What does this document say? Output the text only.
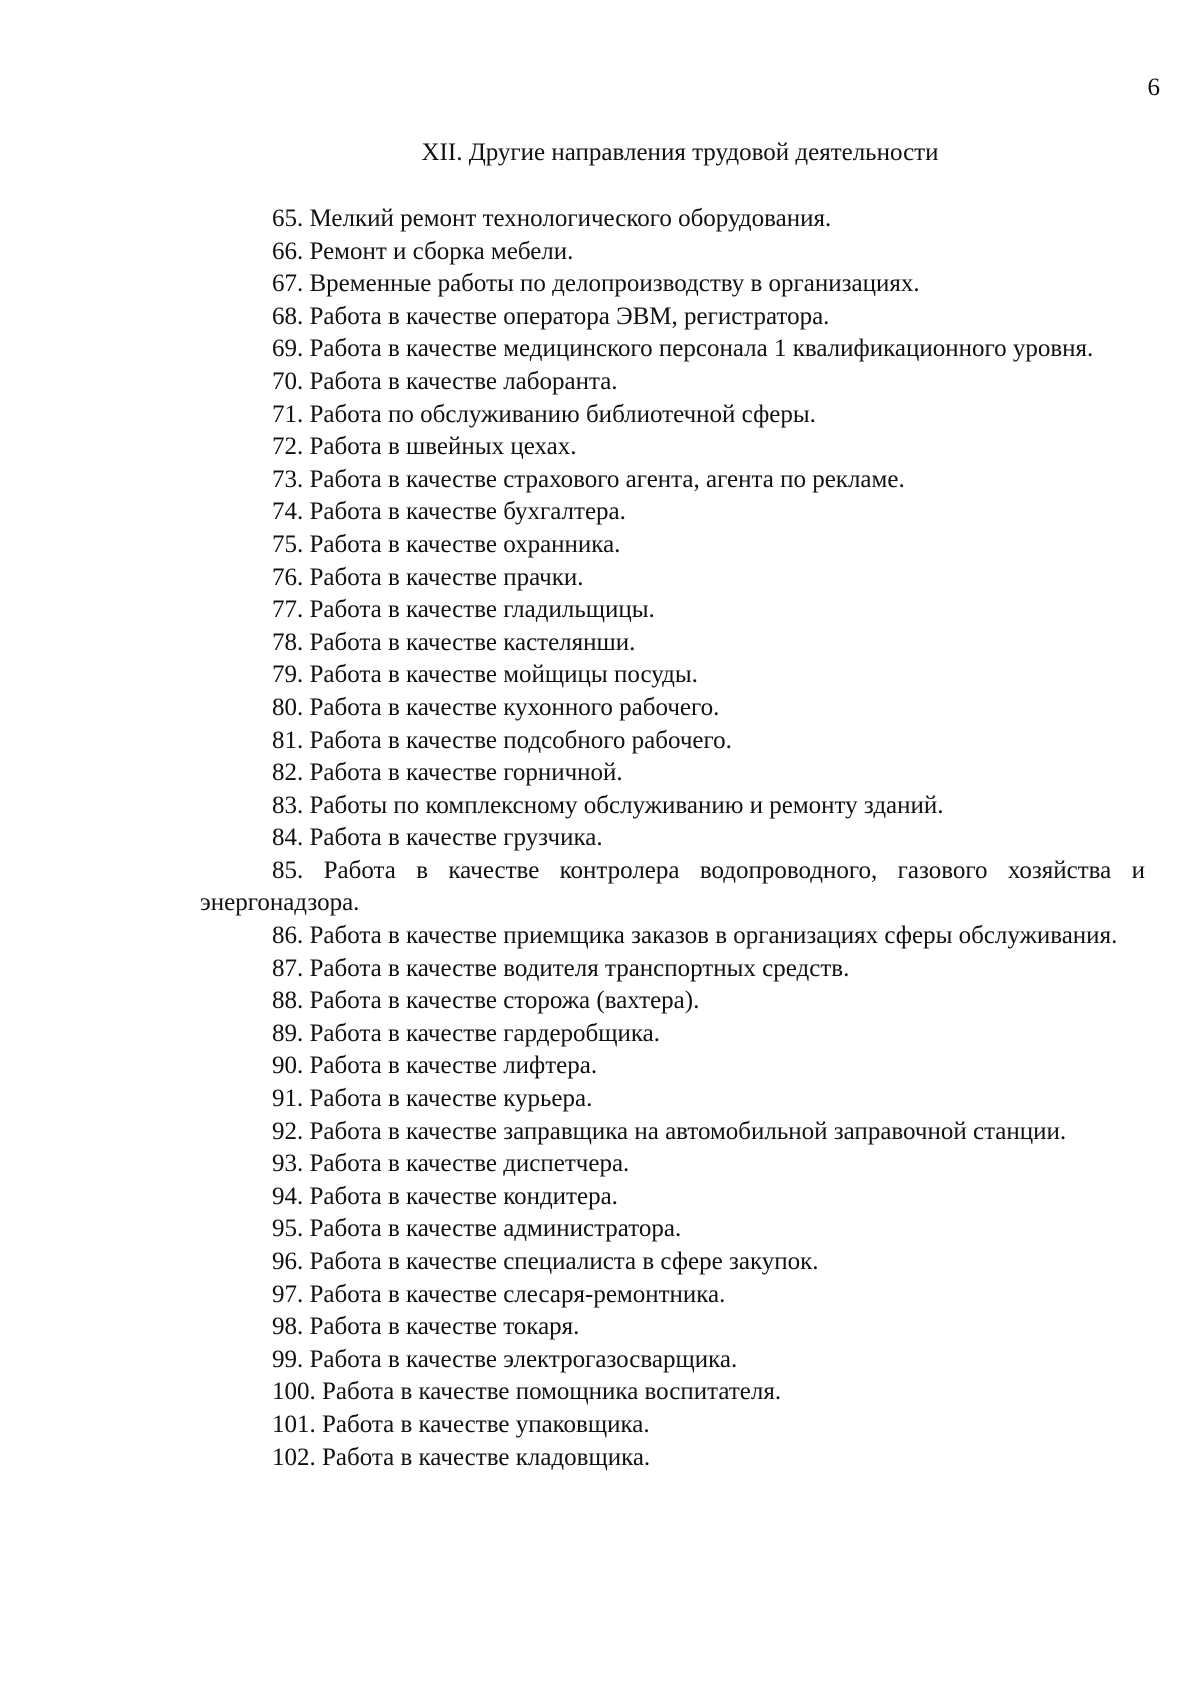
6
XII. Другие направления трудовой деятельности
65. Мелкий ремонт технологического оборудования.
66. Ремонт и сборка мебели.
67. Временные работы по делопроизводству в организациях.
68. Работа в качестве оператора ЭВМ, регистратора.
69. Работа в качестве медицинского персонала 1 квалификационного уровня.
70. Работа в качестве лаборанта.
71. Работа по обслуживанию библиотечной сферы.
72. Работа в швейных цехах.
73. Работа в качестве страхового агента, агента по рекламе.
74. Работа в качестве бухгалтера.
75. Работа в качестве охранника.
76. Работа в качестве прачки.
77. Работа в качестве гладильщицы.
78. Работа в качестве кастелянши.
79. Работа в качестве мойщицы посуды.
80. Работа в качестве кухонного рабочего.
81. Работа в качестве подсобного рабочего.
82. Работа в качестве горничной.
83. Работы по комплексному обслуживанию и ремонту зданий.
84. Работа в качестве грузчика.
85. Работа в качестве контролера водопроводного, газового хозяйства и энергонадзора.
86. Работа в качестве приемщика заказов в организациях сферы обслуживания.
87. Работа в качестве водителя транспортных средств.
88. Работа в качестве сторожа (вахтера).
89. Работа в качестве гардеробщика.
90. Работа в качестве лифтера.
91. Работа в качестве курьера.
92. Работа в качестве заправщика на автомобильной заправочной станции.
93. Работа в качестве диспетчера.
94. Работа в качестве кондитера.
95. Работа в качестве администратора.
96. Работа в качестве специалиста в сфере закупок.
97. Работа в качестве слесаря-ремонтника.
98. Работа в качестве токаря.
99. Работа в качестве электрогазосварщика.
100. Работа в качестве помощника воспитателя.
101. Работа в качестве упаковщика.
102. Работа в качестве кладовщика.
